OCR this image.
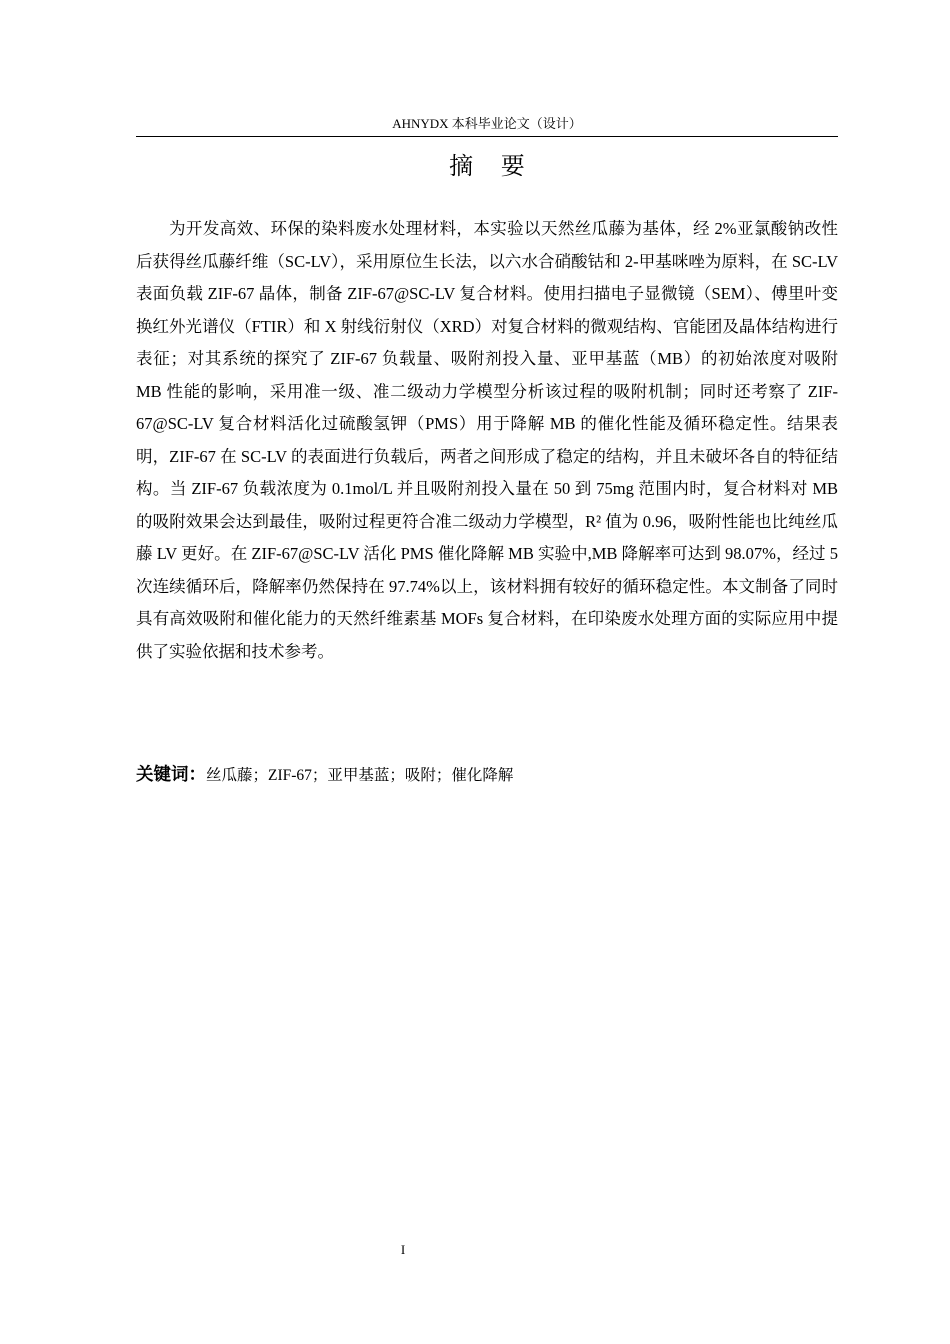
AHNYDX 本科毕业论文（设计）
摘 要

为开发高效、环保的染料废水处理材料，本实验以天然丝瓜藤为基体，经 2%亚氯酸钠改性后获得丝瓜藤纤维（SC-LV），采用原位生长法，以六水合硝酸钴和 2-甲基咪唑为原料，在 SC-LV 表面负载 ZIF-67 晶体，制备 ZIF-67@SC-LV 复合材料。使用扫描电子显微镜（SEM）、傅里叶变换红外光谱仪（FTIR）和 X 射线衍射仪（XRD）对复合材料的微观结构、官能团及晶体结构进行表征；对其系统的探究了 ZIF-67 负载量、吸附剂投入量、亚甲基蓝（MB）的初始浓度对吸附 MB 性能的影响，采用准一级、准二级动力学模型分析该过程的吸附机制；同时还考察了 ZIF-67@SC-LV 复合材料活化过硫酸氢钾（PMS）用于降解 MB 的催化性能及循环稳定性。结果表明，ZIF-67 在 SC-LV 的表面进行负载后，两者之间形成了稳定的结构，并且未破坏各自的特征结构。当 ZIF-67 负载浓度为 0.1mol/L 并且吸附剂投入量在 50 到 75mg 范围内时，复合材料对 MB 的吸附效果会达到最佳，吸附过程更符合准二级动力学模型，R² 值为 0.96，吸附性能也比纯丝瓜藤 LV 更好。在 ZIF-67@SC-LV 活化 PMS 催化降解 MB 实验中,MB 降解率可达到 98.07%，经过 5 次连续循环后，降解率仍然保持在 97.74%以上，该材料拥有较好的循环稳定性。本文制备了同时具有高效吸附和催化能力的天然纤维素基 MOFs 复合材料，在印染废水处理方面的实际应用中提供了实验依据和技术参考。

关键词：丝瓜藤；ZIF-67；亚甲基蓝；吸附；催化降解
I
